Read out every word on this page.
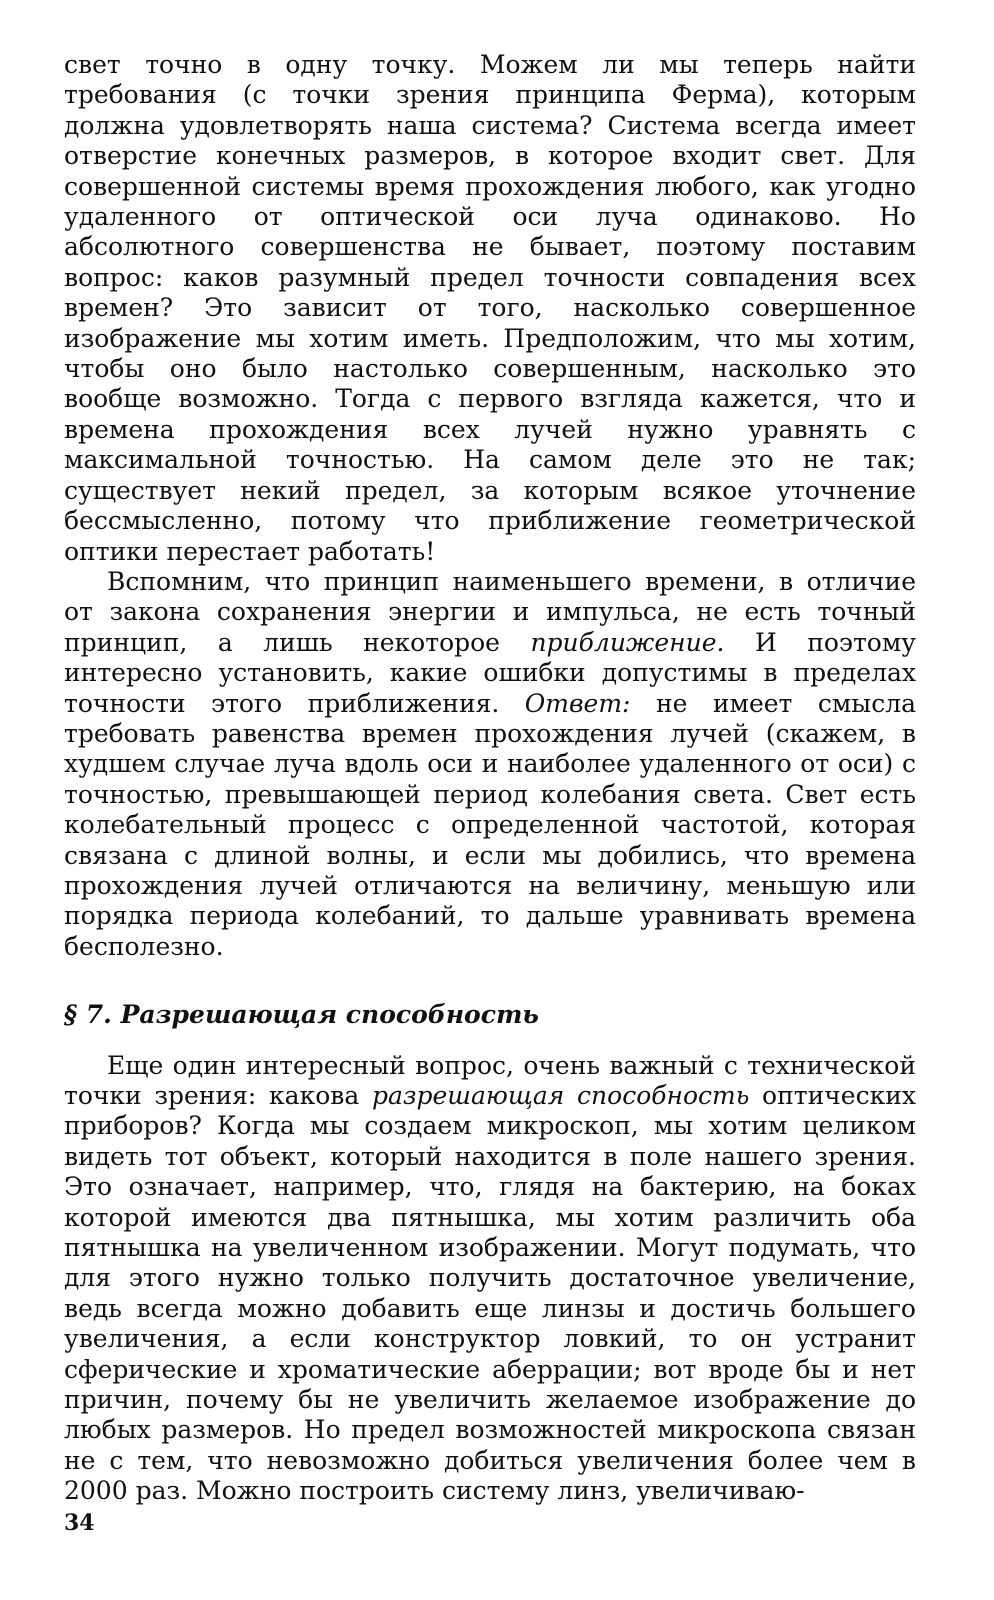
свет точно в одну точку. Можем ли мы теперь найти требования (с точки зрения принципа Ферма), которым должна удовлетворять наша система? Система всегда имеет отверстие конечных размеров, в которое входит свет. Для совершенной системы время прохождения любого, как угодно удаленного от оптической оси луча одинаково. Но абсолютного совершенства не бывает, поэтому поставим вопрос: каков разумный предел точности совпадения всех времен? Это зависит от того, насколько совершенное изображение мы хотим иметь. Предположим, что мы хотим, чтобы оно было настолько совершенным, насколько это вообще возможно. Тогда с первого взгляда кажется, что и времена прохождения всех лучей нужно уравнять с максимальной точностью. На самом деле это не так; существует некий предел, за которым всякое уточнение бессмысленно, потому что приближение геометрической оптики перестает работать!

Вспомним, что принцип наименьшего времени, в отличие от закона сохранения энергии и импульса, не есть точный принцип, а лишь некоторое приближение. И поэтому интересно установить, какие ошибки допустимы в пределах точности этого приближения. Ответ: не имеет смысла требовать равенства времен прохождения лучей (скажем, в худшем случае луча вдоль оси и наиболее удаленного от оси) с точностью, превышающей период колебания света. Свет есть колебательный процесс с определенной частотой, которая связана с длиной волны, и если мы добились, что времена прохождения лучей отличаются на величину, меньшую или порядка периода колебаний, то дальше уравнивать времена бесполезно.

§ 7. Разрешающая способность

Еще один интересный вопрос, очень важный с технической точки зрения: какова разрешающая способность оптических приборов? Когда мы создаем микроскоп, мы хотим целиком видеть тот объект, который находится в поле нашего зрения. Это означает, например, что, глядя на бактерию, на боках которой имеются два пятнышка, мы хотим различить оба пятнышка на увеличенном изображении. Могут подумать, что для этого нужно только получить достаточное увеличение, ведь всегда можно добавить еще линзы и достичь большего увеличения, а если конструктор ловкий, то он устранит сферические и хроматические аберрации; вот вроде бы и нет причин, почему бы не увеличить желаемое изображение до любых размеров. Но предел возможностей микроскопа связан не с тем, что невозможно добиться увеличения более чем в 2000 раз. Можно построить систему линз, увеличиваю-

34
